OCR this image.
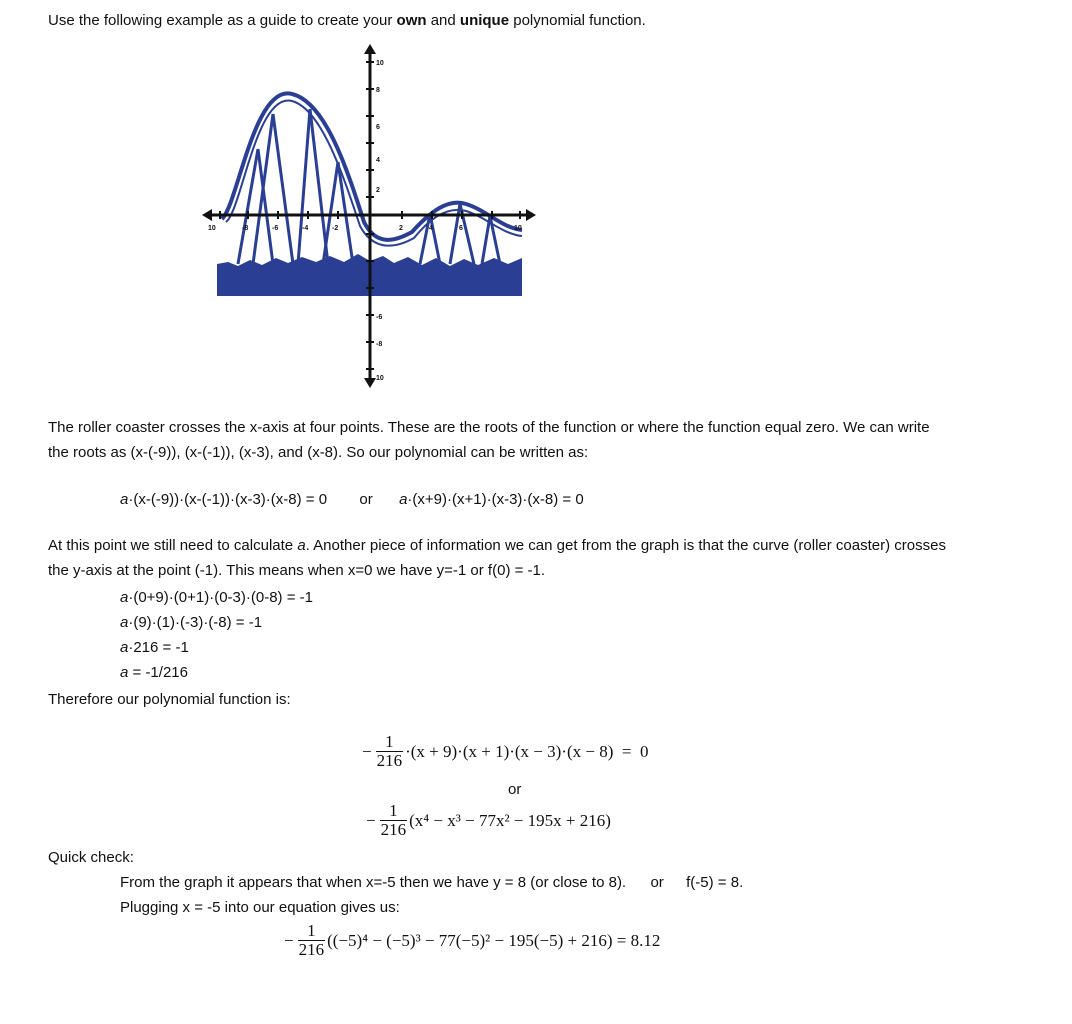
Use the following example as a guide to create your own and unique polynomial function.
10
8
6
4
2
-6
-8
10
10	-8	-6	-4	-2	2	4	6	10
The roller coaster crosses the x-axis at four points. These are the roots of the function or where the function equal zero. We can write
the roots as (x-(-9)), (x-(-1)), (x-3), and (x-8). So our polynomial can be written as:
a·(x-(-9))·(x-(-1))·(x-3)·(x-8) = 0 or a·(x+9)·(x+1)·(x-3)·(x-8) = 0
At this point we still need to calculate a. Another piece of information we can get from the graph is that the curve (roller coaster) crosses
the y-axis at the point (-1). This means when x=0 we have y=-1 or f(0) = -1.
a·(0+9)·(0+1)·(0-3)·(0-8) = -1
a·(9)·(1)·(-3)·(-8) = -1
a·216 = -1
a = -1/216
Therefore our polynomial function is:
− $\frac{1}{216} \cdot(x + 9)\cdot(x + 1)\cdot(x - 3)\cdot(x - 8) = 0$
or
− $\frac{1}{216} (x^4 - x^3 - 77x^2 - 195x + 216)$
Quick check:
From the graph it appears that when x=-5 then we have y = 8 (or close to 8). or f(-5) = 8.
Plugging x = -5 into our equation gives us:
− $\frac{1}{216} ((-5)^4 - (-5)^3 - 77(-5)^2 - 195(-5) + 216) = 8.12$
